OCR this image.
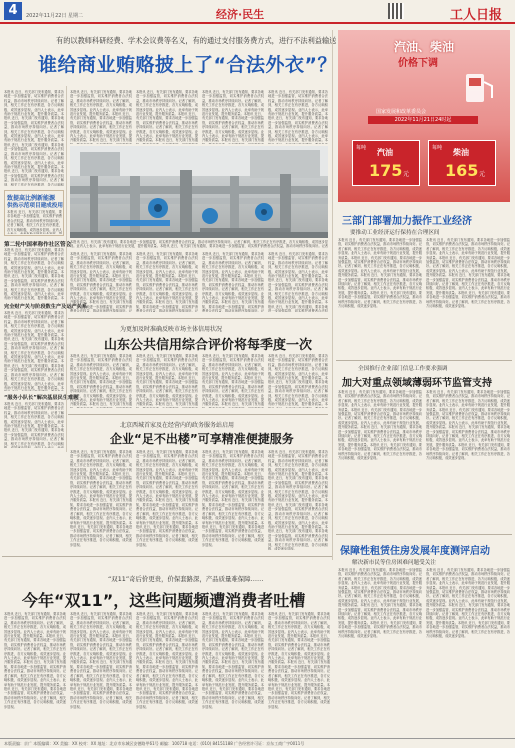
4	2022年11月22日 星期二	经济·民生	工人日报
有的以教师科研经费、学术会议费等名义，有的通过支付服务费方式，进行不法利益输送
谁给商业贿赂披上了“合法外衣”？
本报讯 近日，有关部门发布通知，要求各地进一步加强监管，切实维护消费者合法权益，推动市场秩序持续向好。记者了解到，相关工作正在有序推进，各方反响积极，成效逐步显现。业内人士表示，此举有助于规范行业发展，提升服务质量。本报讯 近日，有关部门发布通知，要求各地进一步加强监管，切实维护消费者合法权益，推动市场秩序持续向好。记者了解到，相关工作正在有序推进，各方反响积极，成效逐步显现。业内人士表示，此举有助于规范行业发展，提升服务质量。本报讯 近日，有关部门发布通知，要求各地进一步加强监管，切实维护消费者合法权益，推动市场秩序持续向好。记者了解到，相关工作正在有序推进，各方反响积极，成效逐步显现。业内人士表示，此举有助于规范行业发展，提升服务质量。本报讯 近日，有关部门发布通知，要求各地进一步加强监管，切实维护消费者合法权益，推动市场秩序持续向好。记者了解到，相关工作正在有序推进，各方反响积极，成效逐步显现。
致提高比例新能源
供热示范项目建成投用
本报讯 近日，有关部门发布通知，要求各地进一步加强监管，切实维护消费者合法权益，推动市场秩序持续向好。记者了解到，相关工作正在有序推进，各方反响积极，成效逐步显现。业内人士表示，此举有助于规范行业发展，提升服务质量。本报讯 近日，有关部门发布通知，要求各地进一步加强监管，切实维护消费者合法权益，推动市场秩序持续向好。记者了解到，相关工作正在有序推进，各方反响积极，成效逐步显现。业内人士表示，此举有助于规范行业发展，提升服务质量。本报讯 近日，有关部门发布通知，要求各地进一步加强监管，切实维护消费者合法权益，推动市场秩序持续向好。记者了解到，相关工作正在有序推进，各方反响积极，成效逐步显现。业内人士表示，此举有助于规范行业发展，提升服务质量。本报讯 近日，有关部门发布通知，要求各地进一步加强监管，切实维护消费者合法权益，推动市场秩序持续向好。记者了解到，相关工作正在有序推进，各方反响积极，成效逐步显现。
第二轮中国率称作社区管会
本报讯 近日，有关部门发布通知，要求各地进一步加强监管，切实维护消费者合法权益，推动市场秩序持续向好。记者了解到，相关工作正在有序推进，各方反响积极，成效逐步显现。业内人士表示，此举有助于规范行业发展，提升服务质量。本报讯 近日，有关部门发布通知，要求各地进一步加强监管，切实维护消费者合法权益，推动市场秩序持续向好。记者了解到，相关工作正在有序推进，各方反响积极，成效逐步显现。业内人士表示，此举有助于规范行业发展，提升服务质量。本报讯 近日，有关部门发布通知，要求各地进一步加强监管，切实维护消费者合法权益，推动市场秩序持续向好。记者了解到，相关工作正在有序推进，各方反响积极，成效逐步显现。业内人士表示，此举有助于规范行业发展，提升服务质量。本报讯 近日，有关部门发布通知，要求各地进一步加强监管，切实维护消费者合法权益，推动市场秩序持续向好。记者了解到，相关工作正在有序推进，各方反响积极，成效逐步显现。
完全财产关与阶段数生产及运产关系
本报讯 近日，有关部门发布通知，要求各地进一步加强监管，切实维护消费者合法权益，推动市场秩序持续向好。记者了解到，相关工作正在有序推进，各方反响积极，成效逐步显现。业内人士表示，此举有助于规范行业发展，提升服务质量。本报讯 近日，有关部门发布通知，要求各地进一步加强监管，切实维护消费者合法权益，推动市场秩序持续向好。记者了解到，相关工作正在有序推进，各方反响积极，成效逐步显现。业内人士表示，此举有助于规范行业发展，提升服务质量。本报讯 近日，有关部门发布通知，要求各地进一步加强监管，切实维护消费者合法权益，推动市场秩序持续向好。记者了解到，相关工作正在有序推进，各方反响积极，成效逐步显现。业内人士表示，此举有助于规范行业发展，提升服务质量。本报讯 近日，有关部门发布通知，要求各地进一步加强监管，切实维护消费者合法权益，推动市场秩序持续向好。记者了解到，相关工作正在有序推进，各方反响积极，成效逐步显现。
“服务小队长”解决基层民生难题
本报讯 近日，有关部门发布通知，要求各地进一步加强监管，切实维护消费者合法权益，推动市场秩序持续向好。记者了解到，相关工作正在有序推进，各方反响积极，成效逐步显现。业内人士表示，此举有助于规范行业发展，提升服务质量。本报讯 近日，有关部门发布通知，要求各地进一步加强监管，切实维护消费者合法权益，推动市场秩序持续向好。记者了解到，相关工作正在有序推进，各方反响积极，成效逐步显现。业内人士表示，此举有助于规范行业发展，提升服务质量。本报讯 近日，有关部门发布通知，要求各地进一步加强监管，切实维护消费者合法权益，推动市场秩序持续向好。记者了解到，相关工作正在有序推进，各方反响积极，成效逐步显现。业内人士表示，此举有助于规范行业发展，提升服务质量。本报讯 近日，有关部门发布通知，要求各地进一步加强监管，切实维护消费者合法权益，推动市场秩序持续向好。记者了解到，相关工作正在有序推进，各方反响积极，成效逐步显现。
本报讯 近日，有关部门发布通知，要求各地进一步加强监管，切实维护消费者合法权益，推动市场秩序持续向好。记者了解到，相关工作正在有序推进，各方反响积极，成效逐步显现。业内人士表示，此举有助于规范行业发展，提升服务质量。本报讯 近日，有关部门发布通知，要求各地进一步加强监管，切实维护消费者合法权益，推动市场秩序持续向好。记者了解到，相关工作正在有序推进，各方反响积极，成效逐步显现。业内人士表示，此举有助于规范行业发展，提升服务质量。本报讯 近日，有关部门发布通知，要求各地进一步加强监管，切实维护消费者合法权益，推动市场秩序持续向好。记者了解到，相关工作正在有序推进，各方反响积极，成效逐步显现。业内人士表示，此举有助于规范行业发展，提升服务质量。本报讯 近日，有关部门发布通知，要求各地进一步加强监管，切实维护消费者合法权益，推动市场秩序持续向好。记者了解到，相关工作正在有序推进，各方反响积极，成效逐步显现。
本报讯 近日，有关部门发布通知，要求各地进一步加强监管，切实维护消费者合法权益，推动市场秩序持续向好。记者了解到，相关工作正在有序推进，各方反响积极，成效逐步显现。业内人士表示，此举有助于规范行业发展，提升服务质量。本报讯 近日，有关部门发布通知，要求各地进一步加强监管，切实维护消费者合法权益，推动市场秩序持续向好。记者了解到，相关工作正在有序推进，各方反响积极，成效逐步显现。业内人士表示，此举有助于规范行业发展，提升服务质量。本报讯 近日，有关部门发布通知，要求各地进一步加强监管，切实维护消费者合法权益，推动市场秩序持续向好。记者了解到，相关工作正在有序推进，各方反响积极，成效逐步显现。业内人士表示，此举有助于规范行业发展，提升服务质量。本报讯 近日，有关部门发布通知，要求各地进一步加强监管，切实维护消费者合法权益，推动市场秩序持续向好。记者了解到，相关工作正在有序推进，各方反响积极，成效逐步显现。
本报讯 近日，有关部门发布通知，要求各地进一步加强监管，切实维护消费者合法权益，推动市场秩序持续向好。记者了解到，相关工作正在有序推进，各方反响积极，成效逐步显现。业内人士表示，此举有助于规范行业发展，提升服务质量。本报讯 近日，有关部门发布通知，要求各地进一步加强监管，切实维护消费者合法权益，推动市场秩序持续向好。记者了解到，相关工作正在有序推进，各方反响积极，成效逐步显现。业内人士表示，此举有助于规范行业发展，提升服务质量。本报讯 近日，有关部门发布通知，要求各地进一步加强监管，切实维护消费者合法权益，推动市场秩序持续向好。记者了解到，相关工作正在有序推进，各方反响积极，成效逐步显现。业内人士表示，此举有助于规范行业发展，提升服务质量。本报讯 近日，有关部门发布通知，要求各地进一步加强监管，切实维护消费者合法权益，推动市场秩序持续向好。记者了解到，相关工作正在有序推进，各方反响积极，成效逐步显现。
本报讯 近日，有关部门发布通知，要求各地进一步加强监管，切实维护消费者合法权益，推动市场秩序持续向好。记者了解到，相关工作正在有序推进，各方反响积极，成效逐步显现。业内人士表示，此举有助于规范行业发展，提升服务质量。本报讯 近日，有关部门发布通知，要求各地进一步加强监管，切实维护消费者合法权益，推动市场秩序持续向好。记者了解到，相关工作正在有序推进，各方反响积极，成效逐步显现。业内人士表示，此举有助于规范行业发展，提升服务质量。本报讯 近日，有关部门发布通知，要求各地进一步加强监管，切实维护消费者合法权益，推动市场秩序持续向好。记者了解到，相关工作正在有序推进，各方反响积极，成效逐步显现。业内人士表示，此举有助于规范行业发展，提升服务质量。本报讯 近日，有关部门发布通知，要求各地进一步加强监管，切实维护消费者合法权益，推动市场秩序持续向好。记者了解到，相关工作正在有序推进，各方反响积极，成效逐步显现。
本报讯 近日，有关部门发布通知，要求各地进一步加强监管，切实维护消费者合法权益，推动市场秩序持续向好。记者了解到，相关工作正在有序推进，各方反响积极，成效逐步显现。业内人士表示，此举有助于规范行业发展，提升服务质量。本报讯 近日，有关部门发布通知，要求各地进一步加强监管，切实维护消费者合法权益，推动市场秩序持续向好。记者了解到，相关工作正在有序推进，各方反响积极，成效逐步显现。业内人士表示，此举有助于规范行业发展，提升服务质量。本报讯 近日，有关部门发布通知，要求各地进一步加强监管，切实维护消费者合法权益，推动市场秩序持续向好。记者了解到，相关工作正在有序推进，各方反响积极，成效逐步显现。业内人士表示，此举有助于规范行业发展，提升服务质量。本报讯 近日，有关部门发布通知，要求各地进一步加强监管，切实维护消费者合法权益，推动市场秩序持续向好。记者了解到，相关工作正在有序推进，各方反响积极，成效逐步显现。
本报讯 近日，有关部门发布通知，要求各地进一步加强监管，切实维护消费者合法权益，推动市场秩序持续向好。记者了解到，相关工作正在有序推进，各方反响积极，成效逐步显现。业内人士表示，此举有助于规范行业发展，提升服务质量。本报讯 近日，有关部门发布通知，要求各地进一步加强监管，切实维护消费者合法权益，推动市场秩序持续向好。记者了解到，相关工作正在有序推进，各方反响积极，成效逐步显现。业内人士表示，此举有助于规范行业发展，提升服务质量。本报讯 近日，有关部门发布通知，要求各地进一步加强监管，切实维护消费者合法权益，推动市场秩序持续向好。记者了解到，相关工作正在有序推进，各方反响积极，成效逐步显现。业内人士表示，此举有助于规范行业发展，提升服务质量。本报讯 近日，有关部门发布通知，要求各地进一步加强监管，切实维护消费者合法权益，推动市场秩序持续向好。记者了解到，相关工作正在有序推进，各方反响积极，成效逐步显现。
本报讯 近日，有关部门发布通知，要求各地进一步加强监管，切实维护消费者合法权益，推动市场秩序持续向好。记者了解到，相关工作正在有序推进，各方反响积极，成效逐步显现。业内人士表示，此举有助于规范行业发展，提升服务质量。本报讯 近日，有关部门发布通知，要求各地进一步加强监管，切实维护消费者合法权益，推动市场秩序持续向好。记者了解到，相关工作正在有序推进，各方反响积极，成效逐步显现。业内人士表示，此举有助于规范行业发展，提升服务质量。本报讯 近日，有关部门发布通知，要求各地进一步加强监管，切实维护消费者合法权益，推动市场秩序持续向好。记者了解到，相关工作正在有序推进，各方反响积极，成效逐步显现。业内人士表示，此举有助于规范行业发展，提升服务质量。本报讯 近日，有关部门发布通知，要求各地进一步加强监管，切实维护消费者合法权益，推动市场秩序持续向好。记者了解到，相关工作正在有序推进，各方反响积极，成效逐步显现。
本报讯 近日，有关部门发布通知，要求各地进一步加强监管，切实维护消费者合法权益，推动市场秩序持续向好。记者了解到，相关工作正在有序推进，各方反响积极，成效逐步显现。业内人士表示，此举有助于规范行业发展，提升服务质量。本报讯 近日，有关部门发布通知，要求各地进一步加强监管，切实维护消费者合法权益，推动市场秩序持续向好。记者了解到，相关工作正在有序推进，各方反响积极，成效逐步显现。业内人士表示，此举有助于规范行业发展，提升服务质量。本报讯 近日，有关部门发布通知，要求各地进一步加强监管，切实维护消费者合法权益，推动市场秩序持续向好。记者了解到，相关工作正在有序推进，各方反响积极，成效逐步显现。业内人士表示，此举有助于规范行业发展，提升服务质量。本报讯 近日，有关部门发布通知，要求各地进一步加强监管，切实维护消费者合法权益，推动市场秩序持续向好。记者了解到，相关工作正在有序推进，各方反响积极，成效逐步显现。
本报讯 近日，有关部门发布通知，要求各地进一步加强监管，切实维护消费者合法权益，推动市场秩序持续向好。记者了解到，相关工作正在有序推进，各方反响积极，成效逐步显现。业内人士表示，此举有助于规范行业发展，提升服务质量。本报讯 近日，有关部门发布通知，要求各地进一步加强监管，切实维护消费者合法权益，推动市场秩序持续向好。记者了解到，相关工作正在有序推进，各方反响积极，成效逐步显现。业内人士表示，此举有助于规范行业发展，提升服务质量。本报讯 近日，有关部门发布通知，要求各地进一步加强监管，切实维护消费者合法权益，推动市场秩序持续向好。记者了解到，相关工作正在有序推进，各方反响积极，成效逐步显现。业内人士表示，此举有助于规范行业发展，提升服务质量。本报讯 近日，有关部门发布通知，要求各地进一步加强监管，切实维护消费者合法权益，推动市场秩序持续向好。记者了解到，相关工作正在有序推进，各方反响积极，成效逐步显现。
为更加及时准确反映市场主体信用状况
山东公共信用综合评价将每季度一次
本报讯 近日，有关部门发布通知，要求各地进一步加强监管，切实维护消费者合法权益，推动市场秩序持续向好。记者了解到，相关工作正在有序推进，各方反响积极，成效逐步显现。业内人士表示，此举有助于规范行业发展，提升服务质量。本报讯 近日，有关部门发布通知，要求各地进一步加强监管，切实维护消费者合法权益，推动市场秩序持续向好。记者了解到，相关工作正在有序推进，各方反响积极，成效逐步显现。业内人士表示，此举有助于规范行业发展，提升服务质量。本报讯 近日，有关部门发布通知，要求各地进一步加强监管，切实维护消费者合法权益，推动市场秩序持续向好。记者了解到，相关工作正在有序推进，各方反响积极，成效逐步显现。业内人士表示，此举有助于规范行业发展，提升服务质量。本报讯 近日，有关部门发布通知，要求各地进一步加强监管，切实维护消费者合法权益，推动市场秩序持续向好。记者了解到，相关工作正在有序推进，各方反响积极，成效逐步显现。
本报讯 近日，有关部门发布通知，要求各地进一步加强监管，切实维护消费者合法权益，推动市场秩序持续向好。记者了解到，相关工作正在有序推进，各方反响积极，成效逐步显现。业内人士表示，此举有助于规范行业发展，提升服务质量。本报讯 近日，有关部门发布通知，要求各地进一步加强监管，切实维护消费者合法权益，推动市场秩序持续向好。记者了解到，相关工作正在有序推进，各方反响积极，成效逐步显现。业内人士表示，此举有助于规范行业发展，提升服务质量。本报讯 近日，有关部门发布通知，要求各地进一步加强监管，切实维护消费者合法权益，推动市场秩序持续向好。记者了解到，相关工作正在有序推进，各方反响积极，成效逐步显现。业内人士表示，此举有助于规范行业发展，提升服务质量。本报讯 近日，有关部门发布通知，要求各地进一步加强监管，切实维护消费者合法权益，推动市场秩序持续向好。记者了解到，相关工作正在有序推进，各方反响积极，成效逐步显现。
本报讯 近日，有关部门发布通知，要求各地进一步加强监管，切实维护消费者合法权益，推动市场秩序持续向好。记者了解到，相关工作正在有序推进，各方反响积极，成效逐步显现。业内人士表示，此举有助于规范行业发展，提升服务质量。本报讯 近日，有关部门发布通知，要求各地进一步加强监管，切实维护消费者合法权益，推动市场秩序持续向好。记者了解到，相关工作正在有序推进，各方反响积极，成效逐步显现。业内人士表示，此举有助于规范行业发展，提升服务质量。本报讯 近日，有关部门发布通知，要求各地进一步加强监管，切实维护消费者合法权益，推动市场秩序持续向好。记者了解到，相关工作正在有序推进，各方反响积极，成效逐步显现。业内人士表示，此举有助于规范行业发展，提升服务质量。本报讯 近日，有关部门发布通知，要求各地进一步加强监管，切实维护消费者合法权益，推动市场秩序持续向好。记者了解到，相关工作正在有序推进，各方反响积极，成效逐步显现。
本报讯 近日，有关部门发布通知，要求各地进一步加强监管，切实维护消费者合法权益，推动市场秩序持续向好。记者了解到，相关工作正在有序推进，各方反响积极，成效逐步显现。业内人士表示，此举有助于规范行业发展，提升服务质量。本报讯 近日，有关部门发布通知，要求各地进一步加强监管，切实维护消费者合法权益，推动市场秩序持续向好。记者了解到，相关工作正在有序推进，各方反响积极，成效逐步显现。业内人士表示，此举有助于规范行业发展，提升服务质量。本报讯 近日，有关部门发布通知，要求各地进一步加强监管，切实维护消费者合法权益，推动市场秩序持续向好。记者了解到，相关工作正在有序推进，各方反响积极，成效逐步显现。业内人士表示，此举有助于规范行业发展，提升服务质量。本报讯 近日，有关部门发布通知，要求各地进一步加强监管，切实维护消费者合法权益，推动市场秩序持续向好。记者了解到，相关工作正在有序推进，各方反响积极，成效逐步显现。
北京西城首家及在经营内的政务服务站启用
企业“足不出楼”可享精准便捷服务
本报讯 近日，有关部门发布通知，要求各地进一步加强监管，切实维护消费者合法权益，推动市场秩序持续向好。记者了解到，相关工作正在有序推进，各方反响积极，成效逐步显现。业内人士表示，此举有助于规范行业发展，提升服务质量。本报讯 近日，有关部门发布通知，要求各地进一步加强监管，切实维护消费者合法权益，推动市场秩序持续向好。记者了解到，相关工作正在有序推进，各方反响积极，成效逐步显现。业内人士表示，此举有助于规范行业发展，提升服务质量。本报讯 近日，有关部门发布通知，要求各地进一步加强监管，切实维护消费者合法权益，推动市场秩序持续向好。记者了解到，相关工作正在有序推进，各方反响积极，成效逐步显现。业内人士表示，此举有助于规范行业发展，提升服务质量。本报讯 近日，有关部门发布通知，要求各地进一步加强监管，切实维护消费者合法权益，推动市场秩序持续向好。记者了解到，相关工作正在有序推进，各方反响积极，成效逐步显现。
本报讯 近日，有关部门发布通知，要求各地进一步加强监管，切实维护消费者合法权益，推动市场秩序持续向好。记者了解到，相关工作正在有序推进，各方反响积极，成效逐步显现。业内人士表示，此举有助于规范行业发展，提升服务质量。本报讯 近日，有关部门发布通知，要求各地进一步加强监管，切实维护消费者合法权益，推动市场秩序持续向好。记者了解到，相关工作正在有序推进，各方反响积极，成效逐步显现。业内人士表示，此举有助于规范行业发展，提升服务质量。本报讯 近日，有关部门发布通知，要求各地进一步加强监管，切实维护消费者合法权益，推动市场秩序持续向好。记者了解到，相关工作正在有序推进，各方反响积极，成效逐步显现。业内人士表示，此举有助于规范行业发展，提升服务质量。本报讯 近日，有关部门发布通知，要求各地进一步加强监管，切实维护消费者合法权益，推动市场秩序持续向好。记者了解到，相关工作正在有序推进，各方反响积极，成效逐步显现。
本报讯 近日，有关部门发布通知，要求各地进一步加强监管，切实维护消费者合法权益，推动市场秩序持续向好。记者了解到，相关工作正在有序推进，各方反响积极，成效逐步显现。业内人士表示，此举有助于规范行业发展，提升服务质量。本报讯 近日，有关部门发布通知，要求各地进一步加强监管，切实维护消费者合法权益，推动市场秩序持续向好。记者了解到，相关工作正在有序推进，各方反响积极，成效逐步显现。业内人士表示，此举有助于规范行业发展，提升服务质量。本报讯 近日，有关部门发布通知，要求各地进一步加强监管，切实维护消费者合法权益，推动市场秩序持续向好。记者了解到，相关工作正在有序推进，各方反响积极，成效逐步显现。业内人士表示，此举有助于规范行业发展，提升服务质量。本报讯 近日，有关部门发布通知，要求各地进一步加强监管，切实维护消费者合法权益，推动市场秩序持续向好。记者了解到，相关工作正在有序推进，各方反响积极，成效逐步显现。
本报讯 近日，有关部门发布通知，要求各地进一步加强监管，切实维护消费者合法权益，推动市场秩序持续向好。记者了解到，相关工作正在有序推进，各方反响积极，成效逐步显现。业内人士表示，此举有助于规范行业发展，提升服务质量。本报讯 近日，有关部门发布通知，要求各地进一步加强监管，切实维护消费者合法权益，推动市场秩序持续向好。记者了解到，相关工作正在有序推进，各方反响积极，成效逐步显现。业内人士表示，此举有助于规范行业发展，提升服务质量。本报讯 近日，有关部门发布通知，要求各地进一步加强监管，切实维护消费者合法权益，推动市场秩序持续向好。记者了解到，相关工作正在有序推进，各方反响积极，成效逐步显现。业内人士表示，此举有助于规范行业发展，提升服务质量。本报讯 近日，有关部门发布通知，要求各地进一步加强监管，切实维护消费者合法权益，推动市场秩序持续向好。记者了解到，相关工作正在有序推进，各方反响积极，成效逐步显现。
汽油、柴油
价格下调
国家发展和改革委员会
2022年11月21日24时起
每吨 汽油
175 元
每吨 柴油
165 元
三部门部署加力振作工业经济
要推动工业经济运行保持在合理区间
本报讯 近日，有关部门发布通知，要求各地进一步加强监管，切实维护消费者合法权益，推动市场秩序持续向好。记者了解到，相关工作正在有序推进，各方反响积极，成效逐步显现。业内人士表示，此举有助于规范行业发展，提升服务质量。本报讯 近日，有关部门发布通知，要求各地进一步加强监管，切实维护消费者合法权益，推动市场秩序持续向好。记者了解到，相关工作正在有序推进，各方反响积极，成效逐步显现。业内人士表示，此举有助于规范行业发展，提升服务质量。本报讯 近日，有关部门发布通知，要求各地进一步加强监管，切实维护消费者合法权益，推动市场秩序持续向好。记者了解到，相关工作正在有序推进，各方反响积极，成效逐步显现。业内人士表示，此举有助于规范行业发展，提升服务质量。本报讯 近日，有关部门发布通知，要求各地进一步加强监管，切实维护消费者合法权益，推动市场秩序持续向好。记者了解到，相关工作正在有序推进，各方反响积极，成效逐步显现。
本报讯 近日，有关部门发布通知，要求各地进一步加强监管，切实维护消费者合法权益，推动市场秩序持续向好。记者了解到，相关工作正在有序推进，各方反响积极，成效逐步显现。业内人士表示，此举有助于规范行业发展，提升服务质量。本报讯 近日，有关部门发布通知，要求各地进一步加强监管，切实维护消费者合法权益，推动市场秩序持续向好。记者了解到，相关工作正在有序推进，各方反响积极，成效逐步显现。业内人士表示，此举有助于规范行业发展，提升服务质量。本报讯 近日，有关部门发布通知，要求各地进一步加强监管，切实维护消费者合法权益，推动市场秩序持续向好。记者了解到，相关工作正在有序推进，各方反响积极，成效逐步显现。业内人士表示，此举有助于规范行业发展，提升服务质量。本报讯 近日，有关部门发布通知，要求各地进一步加强监管，切实维护消费者合法权益，推动市场秩序持续向好。记者了解到，相关工作正在有序推进，各方反响积极，成效逐步显现。
全国推行企业部门信息工作要求强调
加大对重点领域薄弱环节监管支持
本报讯 近日，有关部门发布通知，要求各地进一步加强监管，切实维护消费者合法权益，推动市场秩序持续向好。记者了解到，相关工作正在有序推进，各方反响积极，成效逐步显现。业内人士表示，此举有助于规范行业发展，提升服务质量。本报讯 近日，有关部门发布通知，要求各地进一步加强监管，切实维护消费者合法权益，推动市场秩序持续向好。记者了解到，相关工作正在有序推进，各方反响积极，成效逐步显现。业内人士表示，此举有助于规范行业发展，提升服务质量。本报讯 近日，有关部门发布通知，要求各地进一步加强监管，切实维护消费者合法权益，推动市场秩序持续向好。记者了解到，相关工作正在有序推进，各方反响积极，成效逐步显现。业内人士表示，此举有助于规范行业发展，提升服务质量。本报讯 近日，有关部门发布通知，要求各地进一步加强监管，切实维护消费者合法权益，推动市场秩序持续向好。记者了解到，相关工作正在有序推进，各方反响积极，成效逐步显现。
本报讯 近日，有关部门发布通知，要求各地进一步加强监管，切实维护消费者合法权益，推动市场秩序持续向好。记者了解到，相关工作正在有序推进，各方反响积极，成效逐步显现。业内人士表示，此举有助于规范行业发展，提升服务质量。本报讯 近日，有关部门发布通知，要求各地进一步加强监管，切实维护消费者合法权益，推动市场秩序持续向好。记者了解到，相关工作正在有序推进，各方反响积极，成效逐步显现。业内人士表示，此举有助于规范行业发展，提升服务质量。本报讯 近日，有关部门发布通知，要求各地进一步加强监管，切实维护消费者合法权益，推动市场秩序持续向好。记者了解到，相关工作正在有序推进，各方反响积极，成效逐步显现。业内人士表示，此举有助于规范行业发展，提升服务质量。本报讯 近日，有关部门发布通知，要求各地进一步加强监管，切实维护消费者合法权益，推动市场秩序持续向好。记者了解到，相关工作正在有序推进，各方反响积极，成效逐步显现。
保障性租赁住房发展年度测评启动
解决新市民等住房困难问题受关注
本报讯 近日，有关部门发布通知，要求各地进一步加强监管，切实维护消费者合法权益，推动市场秩序持续向好。记者了解到，相关工作正在有序推进，各方反响积极，成效逐步显现。业内人士表示，此举有助于规范行业发展，提升服务质量。本报讯 近日，有关部门发布通知，要求各地进一步加强监管，切实维护消费者合法权益，推动市场秩序持续向好。记者了解到，相关工作正在有序推进，各方反响积极，成效逐步显现。业内人士表示，此举有助于规范行业发展，提升服务质量。本报讯 近日，有关部门发布通知，要求各地进一步加强监管，切实维护消费者合法权益，推动市场秩序持续向好。记者了解到，相关工作正在有序推进，各方反响积极，成效逐步显现。业内人士表示，此举有助于规范行业发展，提升服务质量。本报讯 近日，有关部门发布通知，要求各地进一步加强监管，切实维护消费者合法权益，推动市场秩序持续向好。记者了解到，相关工作正在有序推进，各方反响积极，成效逐步显现。
本报讯 近日，有关部门发布通知，要求各地进一步加强监管，切实维护消费者合法权益，推动市场秩序持续向好。记者了解到，相关工作正在有序推进，各方反响积极，成效逐步显现。业内人士表示，此举有助于规范行业发展，提升服务质量。本报讯 近日，有关部门发布通知，要求各地进一步加强监管，切实维护消费者合法权益，推动市场秩序持续向好。记者了解到，相关工作正在有序推进，各方反响积极，成效逐步显现。业内人士表示，此举有助于规范行业发展，提升服务质量。本报讯 近日，有关部门发布通知，要求各地进一步加强监管，切实维护消费者合法权益，推动市场秩序持续向好。记者了解到，相关工作正在有序推进，各方反响积极，成效逐步显现。业内人士表示，此举有助于规范行业发展，提升服务质量。本报讯 近日，有关部门发布通知，要求各地进一步加强监管，切实维护消费者合法权益，推动市场秩序持续向好。记者了解到，相关工作正在有序推进，各方反响积极，成效逐步显现。
“双11”奇后价更贵，价保套路深，产品质量难保障……
今年“双11”，这些问题频遭消费者吐槽
本报讯 近日，有关部门发布通知，要求各地进一步加强监管，切实维护消费者合法权益，推动市场秩序持续向好。记者了解到，相关工作正在有序推进，各方反响积极，成效逐步显现。业内人士表示，此举有助于规范行业发展，提升服务质量。本报讯 近日，有关部门发布通知，要求各地进一步加强监管，切实维护消费者合法权益，推动市场秩序持续向好。记者了解到，相关工作正在有序推进，各方反响积极，成效逐步显现。业内人士表示，此举有助于规范行业发展，提升服务质量。本报讯 近日，有关部门发布通知，要求各地进一步加强监管，切实维护消费者合法权益，推动市场秩序持续向好。记者了解到，相关工作正在有序推进，各方反响积极，成效逐步显现。业内人士表示，此举有助于规范行业发展，提升服务质量。本报讯 近日，有关部门发布通知，要求各地进一步加强监管，切实维护消费者合法权益，推动市场秩序持续向好。记者了解到，相关工作正在有序推进，各方反响积极，成效逐步显现。
本报讯 近日，有关部门发布通知，要求各地进一步加强监管，切实维护消费者合法权益，推动市场秩序持续向好。记者了解到，相关工作正在有序推进，各方反响积极，成效逐步显现。业内人士表示，此举有助于规范行业发展，提升服务质量。本报讯 近日，有关部门发布通知，要求各地进一步加强监管，切实维护消费者合法权益，推动市场秩序持续向好。记者了解到，相关工作正在有序推进，各方反响积极，成效逐步显现。业内人士表示，此举有助于规范行业发展，提升服务质量。本报讯 近日，有关部门发布通知，要求各地进一步加强监管，切实维护消费者合法权益，推动市场秩序持续向好。记者了解到，相关工作正在有序推进，各方反响积极，成效逐步显现。业内人士表示，此举有助于规范行业发展，提升服务质量。本报讯 近日，有关部门发布通知，要求各地进一步加强监管，切实维护消费者合法权益，推动市场秩序持续向好。记者了解到，相关工作正在有序推进，各方反响积极，成效逐步显现。
本报讯 近日，有关部门发布通知，要求各地进一步加强监管，切实维护消费者合法权益，推动市场秩序持续向好。记者了解到，相关工作正在有序推进，各方反响积极，成效逐步显现。业内人士表示，此举有助于规范行业发展，提升服务质量。本报讯 近日，有关部门发布通知，要求各地进一步加强监管，切实维护消费者合法权益，推动市场秩序持续向好。记者了解到，相关工作正在有序推进，各方反响积极，成效逐步显现。业内人士表示，此举有助于规范行业发展，提升服务质量。本报讯 近日，有关部门发布通知，要求各地进一步加强监管，切实维护消费者合法权益，推动市场秩序持续向好。记者了解到，相关工作正在有序推进，各方反响积极，成效逐步显现。业内人士表示，此举有助于规范行业发展，提升服务质量。本报讯 近日，有关部门发布通知，要求各地进一步加强监管，切实维护消费者合法权益，推动市场秩序持续向好。记者了解到，相关工作正在有序推进，各方反响积极，成效逐步显现。
本报讯 近日，有关部门发布通知，要求各地进一步加强监管，切实维护消费者合法权益，推动市场秩序持续向好。记者了解到，相关工作正在有序推进，各方反响积极，成效逐步显现。业内人士表示，此举有助于规范行业发展，提升服务质量。本报讯 近日，有关部门发布通知，要求各地进一步加强监管，切实维护消费者合法权益，推动市场秩序持续向好。记者了解到，相关工作正在有序推进，各方反响积极，成效逐步显现。业内人士表示，此举有助于规范行业发展，提升服务质量。本报讯 近日，有关部门发布通知，要求各地进一步加强监管，切实维护消费者合法权益，推动市场秩序持续向好。记者了解到，相关工作正在有序推进，各方反响积极，成效逐步显现。业内人士表示，此举有助于规范行业发展，提升服务质量。本报讯 近日，有关部门发布通知，要求各地进一步加强监管，切实维护消费者合法权益，推动市场秩序持续向好。记者了解到，相关工作正在有序推进，各方反响积极，成效逐步显现。
本报讯 近日，有关部门发布通知，要求各地进一步加强监管，切实维护消费者合法权益，推动市场秩序持续向好。记者了解到，相关工作正在有序推进，各方反响积极，成效逐步显现。业内人士表示，此举有助于规范行业发展，提升服务质量。本报讯 近日，有关部门发布通知，要求各地进一步加强监管，切实维护消费者合法权益，推动市场秩序持续向好。记者了解到，相关工作正在有序推进，各方反响积极，成效逐步显现。业内人士表示，此举有助于规范行业发展，提升服务质量。本报讯 近日，有关部门发布通知，要求各地进一步加强监管，切实维护消费者合法权益，推动市场秩序持续向好。记者了解到，相关工作正在有序推进，各方反响积极，成效逐步显现。业内人士表示，此举有助于规范行业发展，提升服务质量。本报讯 近日，有关部门发布通知，要求各地进一步加强监管，切实维护消费者合法权益，推动市场秩序持续向好。记者了解到，相关工作正在有序推进，各方反响积极，成效逐步显现。
本版责编：京广 本版编辑：XX 美编：XX 校对：XX 地址：北京市东城区安德路甲61号 邮编：100718 电话：(010) 84151188 广告经营许可证：京东工商广字0011号
